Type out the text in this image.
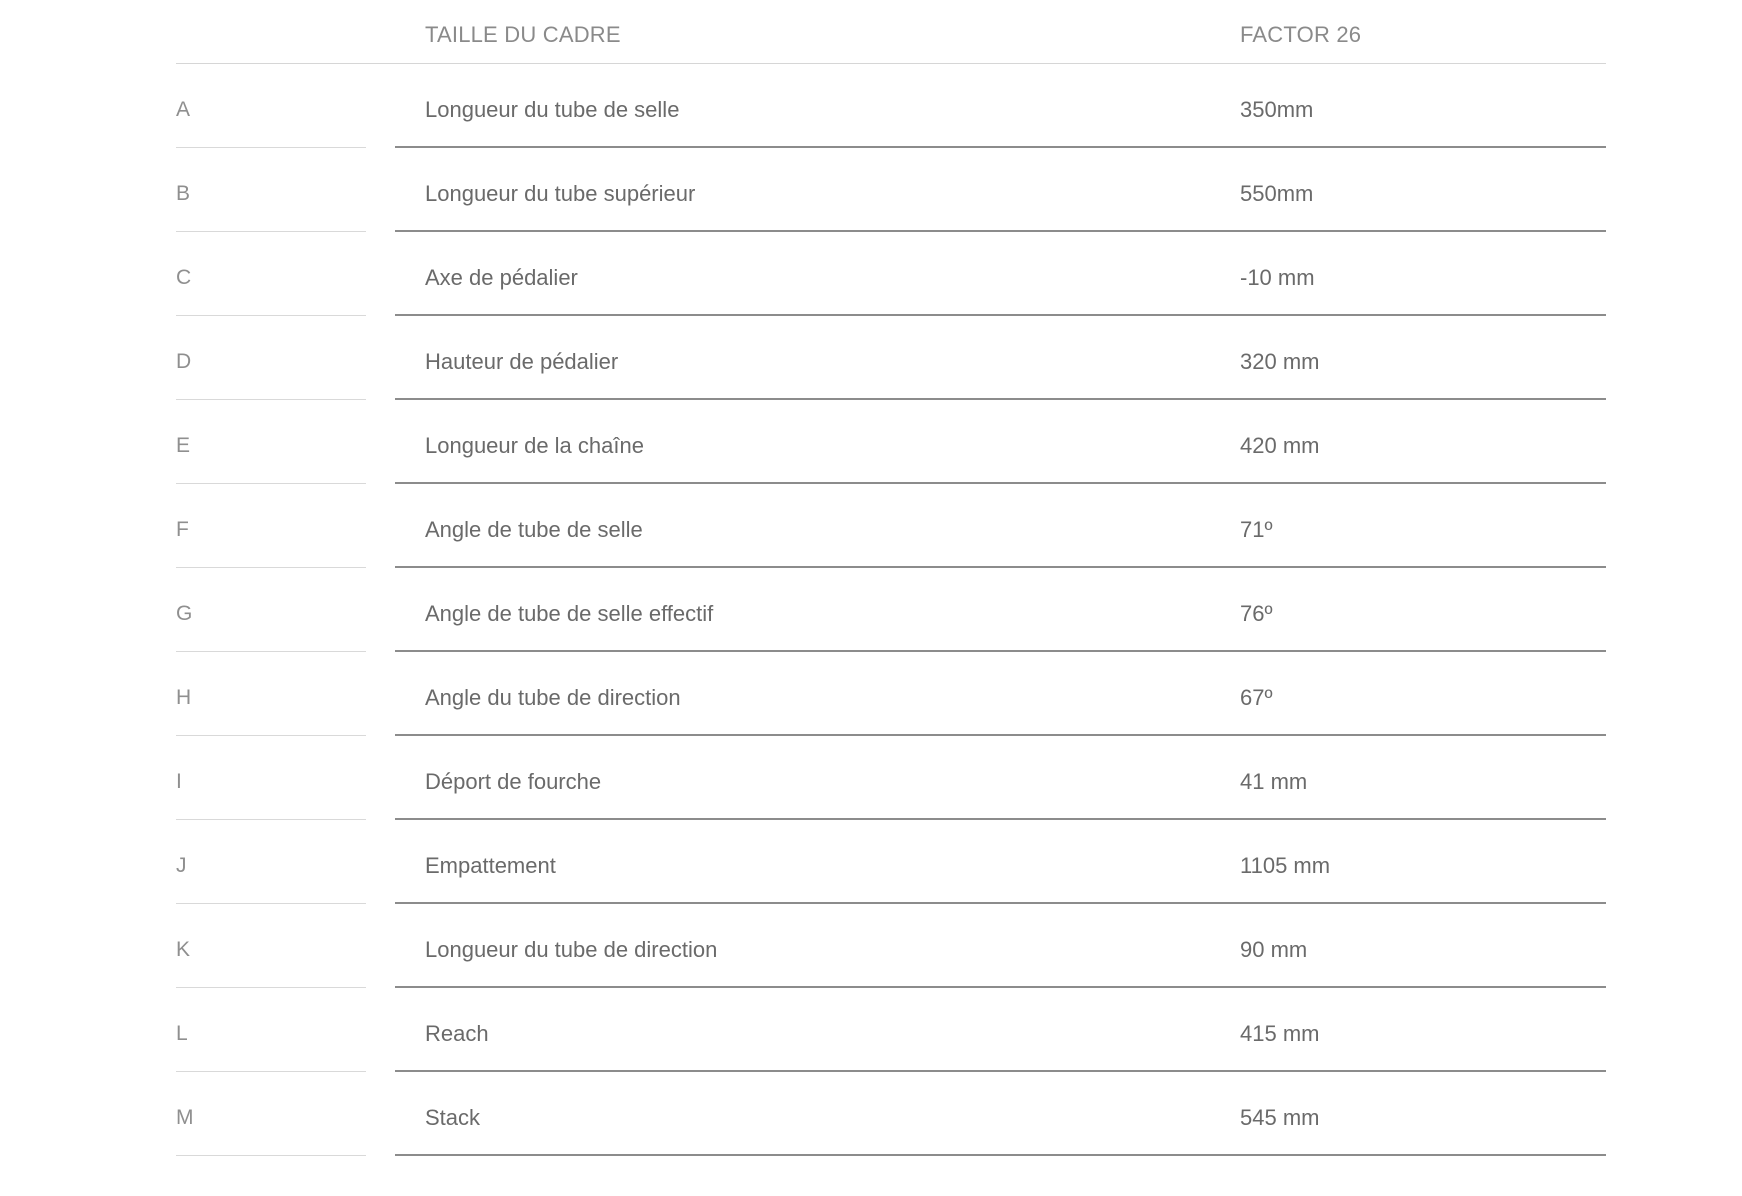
TAILLE DU CADRE	FACTOR 26
A	Longueur du tube de selle	350mm
B	Longueur du tube supérieur	550mm
C	Axe de pédalier	-10 mm
D	Hauteur de pédalier	320 mm
E	Longueur de la chaîne	420 mm
F	Angle de tube de selle	71º
G	Angle de tube de selle effectif	76º
H	Angle du tube de direction	67º
I	Déport de fourche	41 mm
J	Empattement	1105 mm
K	Longueur du tube de direction	90 mm
L	Reach	415 mm
M	Stack	545 mm
